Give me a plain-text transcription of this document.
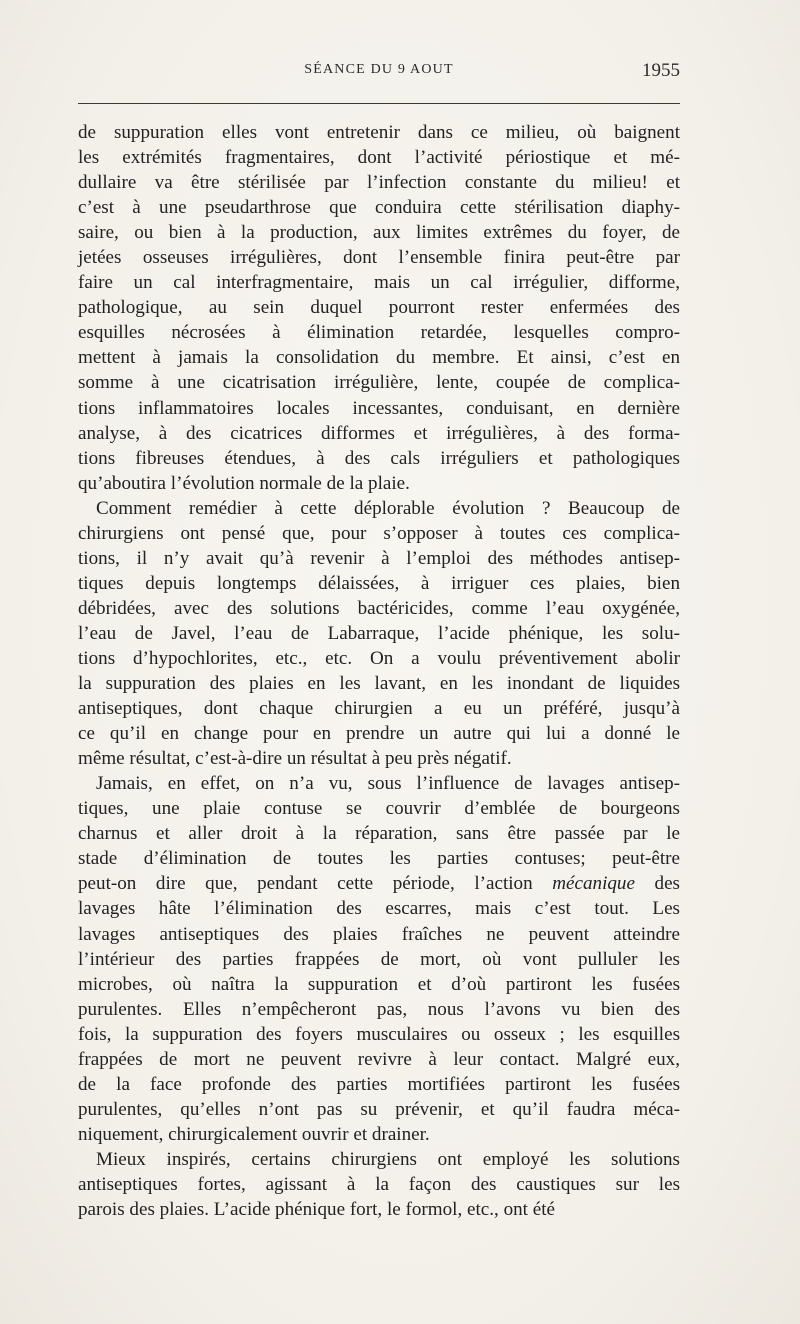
SÉANCE DU 9 AOUT	1955

de suppuration elles vont entretenir dans ce milieu, où baignent
les extrémités fragmentaires, dont l’activité périostique et mé-
dullaire va être stérilisée par l’infection constante du milieu! et
c’est à une pseudarthrose que conduira cette stérilisation diaphy-
saire, ou bien à la production, aux limites extrêmes du foyer, de
jetées osseuses irrégulières, dont l’ensemble finira peut-être par
faire un cal interfragmentaire, mais un cal irrégulier, difforme,
pathologique, au sein duquel pourront rester enfermées des
esquilles nécrosées à élimination retardée, lesquelles compro-
mettent à jamais la consolidation du membre. Et ainsi, c’est en
somme à une cicatrisation irrégulière, lente, coupée de complica-
tions inflammatoires locales incessantes, conduisant, en dernière
analyse, à des cicatrices difformes et irrégulières, à des forma-
tions fibreuses étendues, à des cals irréguliers et pathologiques
qu’aboutira l’évolution normale de la plaie.

Comment remédier à cette déplorable évolution ? Beaucoup de
chirurgiens ont pensé que, pour s’opposer à toutes ces complica-
tions, il n’y avait qu’à revenir à l’emploi des méthodes antisep-
tiques depuis longtemps délaissées, à irriguer ces plaies, bien
débridées, avec des solutions bactéricides, comme l’eau oxygénée,
l’eau de Javel, l’eau de Labarraque, l’acide phénique, les solu-
tions d’hypochlorites, etc., etc. On a voulu préventivement abolir
la suppuration des plaies en les lavant, en les inondant de liquides
antiseptiques, dont chaque chirurgien a eu un préféré, jusqu’à
ce qu’il en change pour en prendre un autre qui lui a donné le
même résultat, c’est-à-dire un résultat à peu près négatif.

Jamais, en effet, on n’a vu, sous l’influence de lavages antisep-
tiques, une plaie contuse se couvrir d’emblée de bourgeons
charnus et aller droit à la réparation, sans être passée par le
stade d’élimination de toutes les parties contuses; peut-être
peut-on dire que, pendant cette période, l’action mécanique des
lavages hâte l’élimination des escarres, mais c’est tout. Les
lavages antiseptiques des plaies fraîches ne peuvent atteindre
l’intérieur des parties frappées de mort, où vont pulluler les
microbes, où naîtra la suppuration et d’où partiront les fusées
purulentes. Elles n’empêcheront pas, nous l’avons vu bien des
fois, la suppuration des foyers musculaires ou osseux ; les esquilles
frappées de mort ne peuvent revivre à leur contact. Malgré eux,
de la face profonde des parties mortifiées partiront les fusées
purulentes, qu’elles n’ont pas su prévenir, et qu’il faudra méca-
niquement, chirurgicalement ouvrir et drainer.

Mieux inspirés, certains chirurgiens ont employé les solutions
antiseptiques fortes, agissant à la façon des caustiques sur les
parois des plaies. L’acide phénique fort, le formol, etc., ont été
